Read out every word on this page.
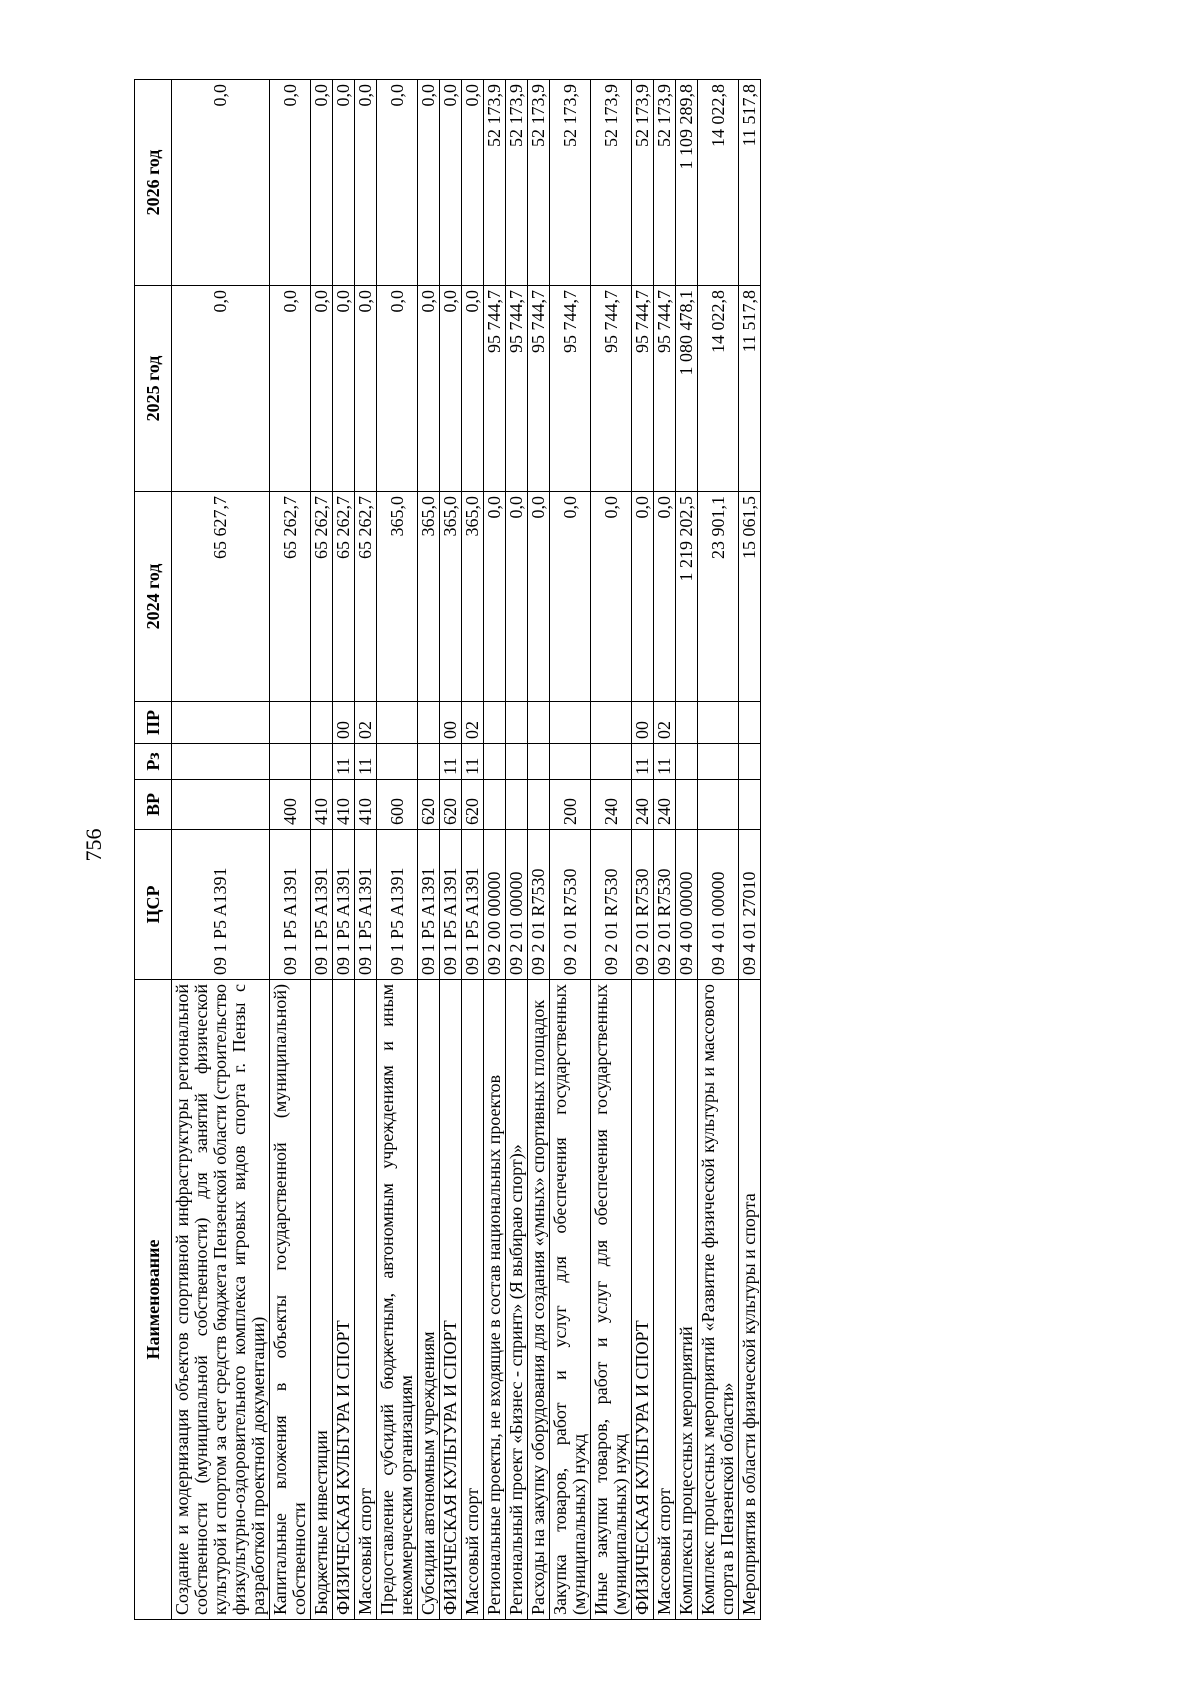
756
Наименование	ЦСР	ВР	Рз	ПР	2024 год	2025 год	2026 год
Создание и модернизация объектов спортивной инфраструктуры региональной собственности (муниципальной собственности) для занятий физической культурой и спортом за счет средств бюджета Пензенской области (строительство физкультурно-оздоровительного комплекса игровых видов спорта г. Пензы с разработкой проектной документации)	09 1 P5 A1391				65 627,7	0,0	0,0
Капитальные вложения в объекты государственной (муниципальной) собственности	09 1 P5 A1391	400			65 262,7	0,0	0,0
Бюджетные инвестиции	09 1 P5 A1391	410			65 262,7	0,0	0,0
ФИЗИЧЕСКАЯ КУЛЬТУРА И СПОРТ	09 1 P5 A1391	410	11	00	65 262,7	0,0	0,0
Массовый спорт	09 1 P5 A1391	410	11	02	65 262,7	0,0	0,0
Предоставление субсидий бюджетным, автономным учреждениям и иным некоммерческим организациям	09 1 P5 A1391	600			365,0	0,0	0,0
Субсидии автономным учреждениям	09 1 P5 A1391	620			365,0	0,0	0,0
ФИЗИЧЕСКАЯ КУЛЬТУРА И СПОРТ	09 1 P5 A1391	620	11	00	365,0	0,0	0,0
Массовый спорт	09 1 P5 A1391	620	11	02	365,0	0,0	0,0
Региональные проекты, не входящие в состав национальных проектов	09 2 00 00000				0,0	95 744,7	52 173,9
Региональный проект «Бизнес - спринт» (Я выбираю спорт)»	09 2 01 00000				0,0	95 744,7	52 173,9
Расходы на закупку оборудования для создания «умных» спортивных площадок	09 2 01 R7530				0,0	95 744,7	52 173,9
Закупка товаров, работ и услуг для обеспечения государственных (муниципальных) нужд	09 2 01 R7530	200			0,0	95 744,7	52 173,9
Иные закупки товаров, работ и услуг для обеспечения государственных (муниципальных) нужд	09 2 01 R7530	240			0,0	95 744,7	52 173,9
ФИЗИЧЕСКАЯ КУЛЬТУРА И СПОРТ	09 2 01 R7530	240	11	00	0,0	95 744,7	52 173,9
Массовый спорт	09 2 01 R7530	240	11	02	0,0	95 744,7	52 173,9
Комплексы процессных мероприятий	09 4 00 00000				1 219 202,5	1 080 478,1	1 109 289,8
Комплекс процессных мероприятий «Развитие физической культуры и массового спорта в Пензенской области»	09 4 01 00000				23 901,1	14 022,8	14 022,8
Мероприятия в области физической культуры и спорта	09 4 01 27010				15 061,5	11 517,8	11 517,8
